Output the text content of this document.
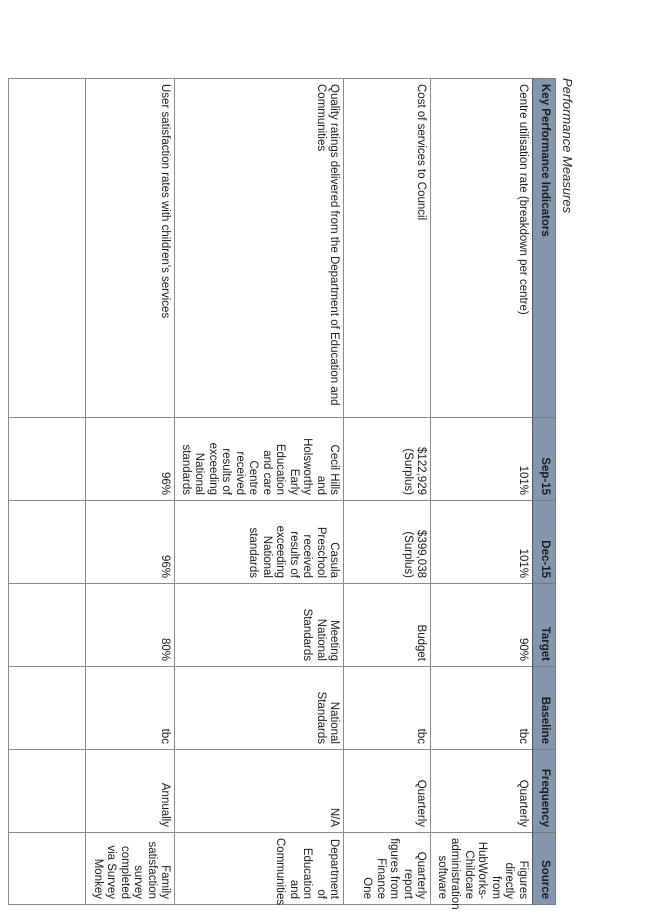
Performance Measures
Key Performance Indicators	Sep-15	Dec-15	Target	Baseline	Frequency	Source
Centre utilisation rate (breakdown per centre)	101%	101%	90%	tbc	Quarterly	Figures directly from HubWorks- Childcare administration software
Cost of services to Council	$122,929 (Surplus)	$399,038 (Surplus)	Budget	tbc	Quarterly	Quarterly report figures from Finance One
Quality ratings delivered from the Department of Education and Communities	Cecil Hills and Holsworthy Early Education and care Centre received results of exceeding National standards	Casula Preschool received results of exceeding National standards	Meeting National Standards	National Standards	N/A	Department of Education and Communities
User satisfaction rates with children's services	96%	96%	80%	tbc	Annually	Family satisfaction survey completed via Survey Monkey
